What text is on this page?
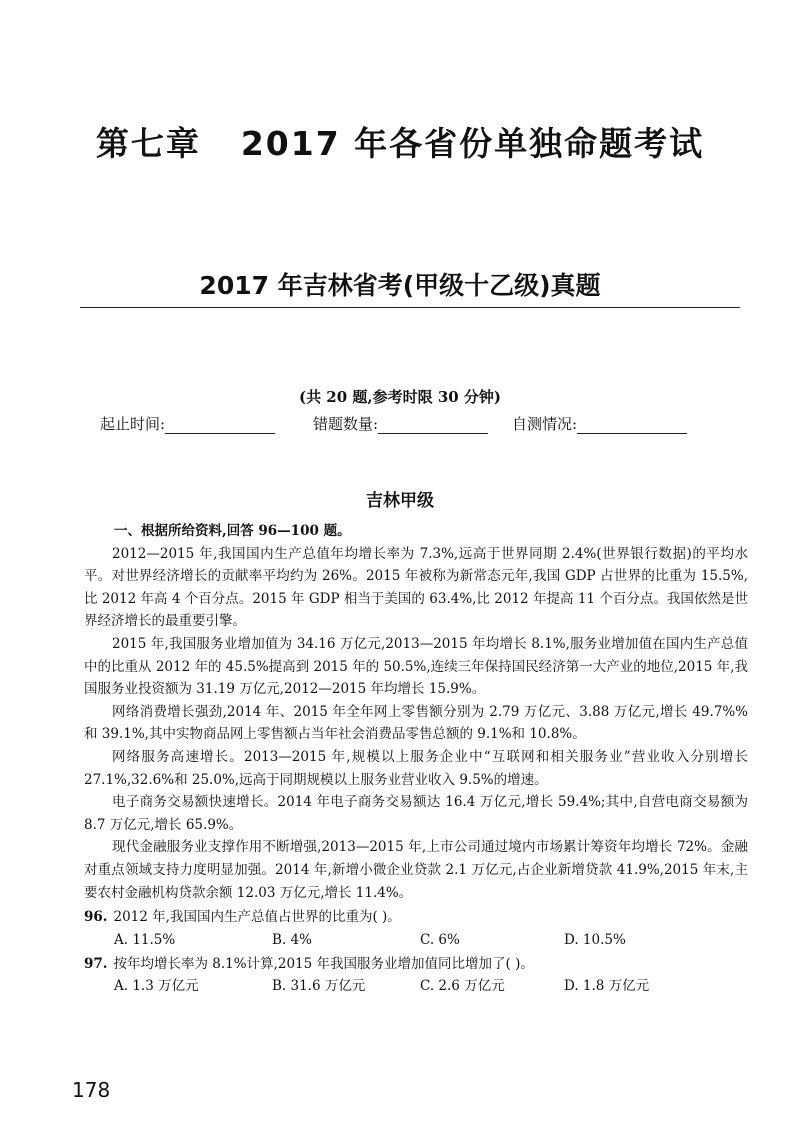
第七章 2017 年各省份单独命题考试
2017 年吉林省考(甲级十乙级)真题
(共 20 题,参考时限 30 分钟)
起止时间:	错题数量:	自测情况:
吉林甲级

一、根据所给资料,回答 96—100 题。

2012—2015 年,我国国内生产总值年均增长率为 7.3%,远高于世界同期 2.4%(世界银行数据)的平均水平。对世界经济增长的贡献率平均约为 26%。2015 年被称为新常态元年,我国 GDP 占世界的比重为 15.5%,比 2012 年高 4 个百分点。2015 年 GDP 相当于美国的 63.4%,比 2012 年提高 11 个百分点。我国依然是世界经济增长的最重要引擎。

2015 年,我国服务业增加值为 34.16 万亿元,2013—2015 年均增长 8.1%,服务业增加值在国内生产总值中的比重从 2012 年的 45.5%提高到 2015 年的 50.5%,连续三年保持国民经济第一大产业的地位,2015 年,我国服务业投资额为 31.19 万亿元,2012—2015 年均增长 15.9%。

网络消费增长强劲,2014 年、2015 年全年网上零售额分别为 2.79 万亿元、3.88 万亿元,增长 49.7%%和 39.1%,其中实物商品网上零售额占当年社会消费品零售总额的 9.1%和 10.8%。

网络服务高速增长。2013—2015 年,规模以上服务企业中“互联网和相关服务业”营业收入分别增长 27.1%,32.6%和 25.0%,远高于同期规模以上服务业营业收入 9.5%的增速。

电子商务交易额快速增长。2014 年电子商务交易额达 16.4 万亿元,增长 59.4%;其中,自营电商交易额为 8.7 万亿元,增长 65.9%。

现代金融服务业支撑作用不断增强,2013—2015 年,上市公司通过境内市场累计筹资年均增长 72%。金融对重点领域支持力度明显加强。2014 年,新增小微企业贷款 2.1 万亿元,占企业新增贷款 41.9%,2015 年末,主要农村金融机构贷款余额 12.03 万亿元,增长 11.4%。

96. 2012 年,我国国内生产总值占世界的比重为( )。

A. 11.5%	B. 4%	C. 6%	D. 10.5%

97. 按年均增长率为 8.1%计算,2015 年我国服务业增加值同比增加了( )。

A. 1.3 万亿元	B. 31.6 万亿元	C. 2.6 万亿元	D. 1.8 万亿元
178
